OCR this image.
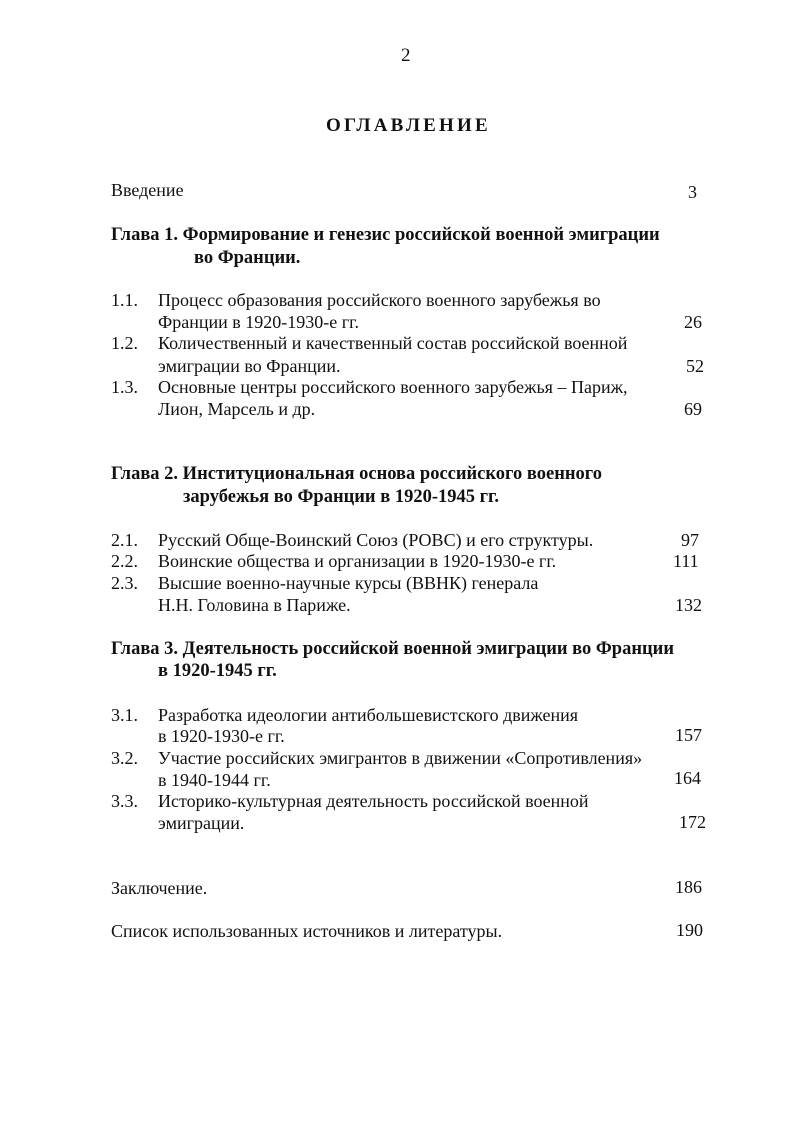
2
ОГЛАВЛЕНИЕ
Введение	3
Глава 1. Формирование и генезис российской военной эмиграции
во Франции.
1.1. Процесс образования российского военного зарубежья во
Франции в 1920-1930-е гг.	26
1.2. Количественный и качественный состав российской военной
эмиграции во Франции.	52
1.3. Основные центры российского военного зарубежья – Париж,
Лион, Марсель и др.	69
Глава 2. Институциональная основа российского военного
зарубежья во Франции в 1920-1945 гг.
2.1. Русский Обще-Воинский Союз (РОВС) и его структуры.	97
2.2. Воинские общества и организации в 1920-1930-е гг.	111
2.3. Высшие военно-научные курсы (ВВНК) генерала
Н.Н. Головина в Париже.	132
Глава 3. Деятельность российской военной эмиграции во Франции
в 1920-1945 гг.
3.1. Разработка идеологии антибольшевистского движения
в 1920-1930-е гг.	157
3.2. Участие российских эмигрантов в движении «Сопротивления»
в 1940-1944 гг.	164
3.3. Историко-культурная деятельность российской военной
эмиграции.	172
Заключение.	186
Список использованных источников и литературы.	190
